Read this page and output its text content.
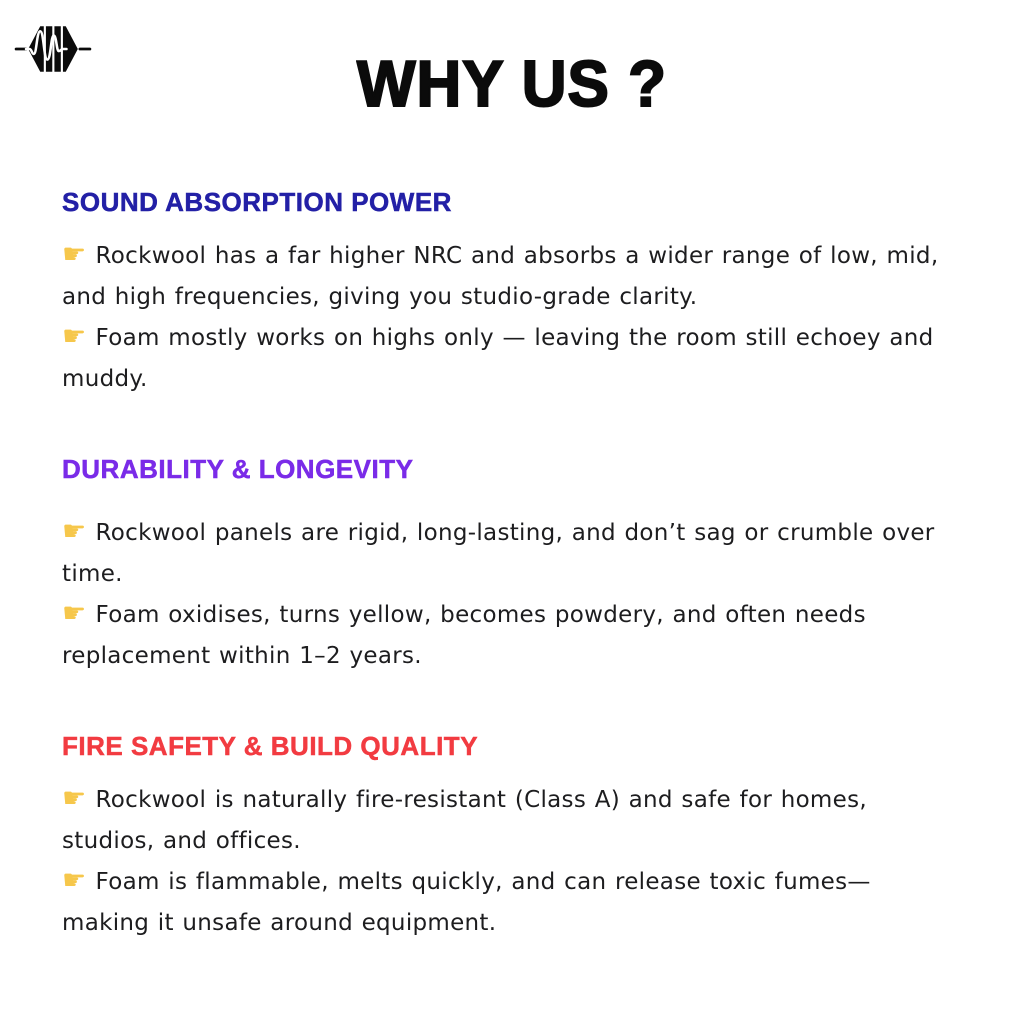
WHY US ?
SOUND ABSORPTION POWER

☛ Rockwool has a far higher NRC and absorbs a wider range of low, mid, and high frequencies, giving you studio-grade clarity.

☛ Foam mostly works on highs only — leaving the room still echoey and muddy.

DURABILITY & LONGEVITY

☛ Rockwool panels are rigid, long-lasting, and don’t sag or crumble over time.

☛ Foam oxidises, turns yellow, becomes powdery, and often needs replacement within 1–2 years.

FIRE SAFETY & BUILD QUALITY

☛ Rockwool is naturally fire-resistant (Class A) and safe for homes, studios, and offices.

☛ Foam is flammable, melts quickly, and can release toxic fumes—making it unsafe around equipment.
